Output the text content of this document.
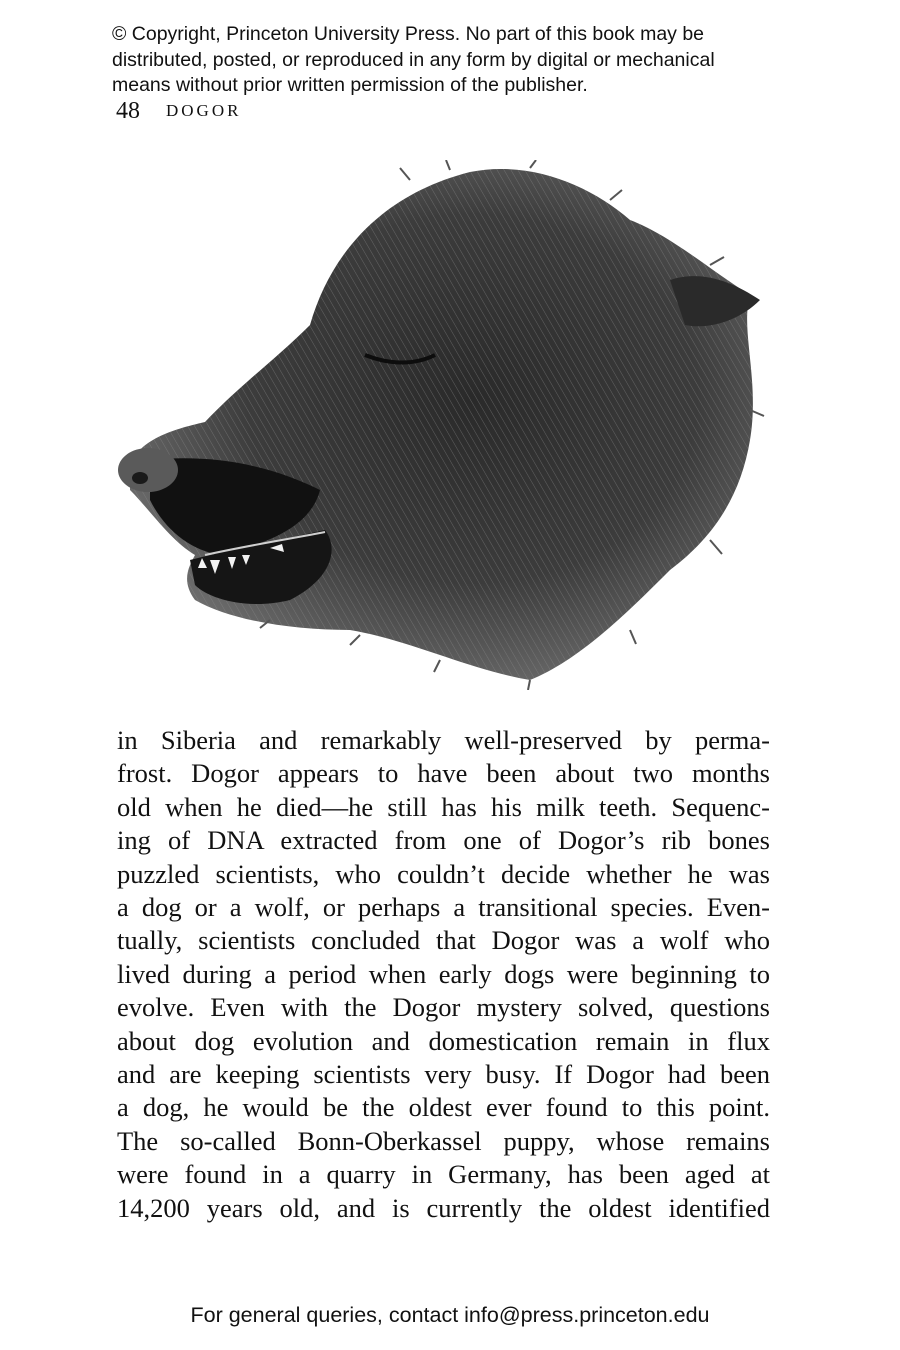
© Copyright, Princeton University Press. No part of this book may be
distributed, posted, or reproduced in any form by digital or mechanical
means without prior written permission of the publisher.
48 DOGOR
in Siberia and remarkably well-preserved by perma-
frost. Dogor appears to have been about two months
old when he died—he still has his milk teeth. Sequenc-
ing of DNA extracted from one of Dogor’s rib bones
puzzled scientists, who couldn’t decide whether he was
a dog or a wolf, or perhaps a transitional species. Even-
tually, scientists concluded that Dogor was a wolf who
lived during a period when early dogs were beginning to
evolve. Even with the Dogor mystery solved, questions
about dog evolution and domestication remain in flux
and are keeping scientists very busy. If Dogor had been
a dog, he would be the oldest ever found to this point.
The so-called Bonn-Oberkassel puppy, whose remains
were found in a quarry in Germany, has been aged at
14,200 years old, and is currently the oldest identified
For general queries, contact info@press.princeton.edu
